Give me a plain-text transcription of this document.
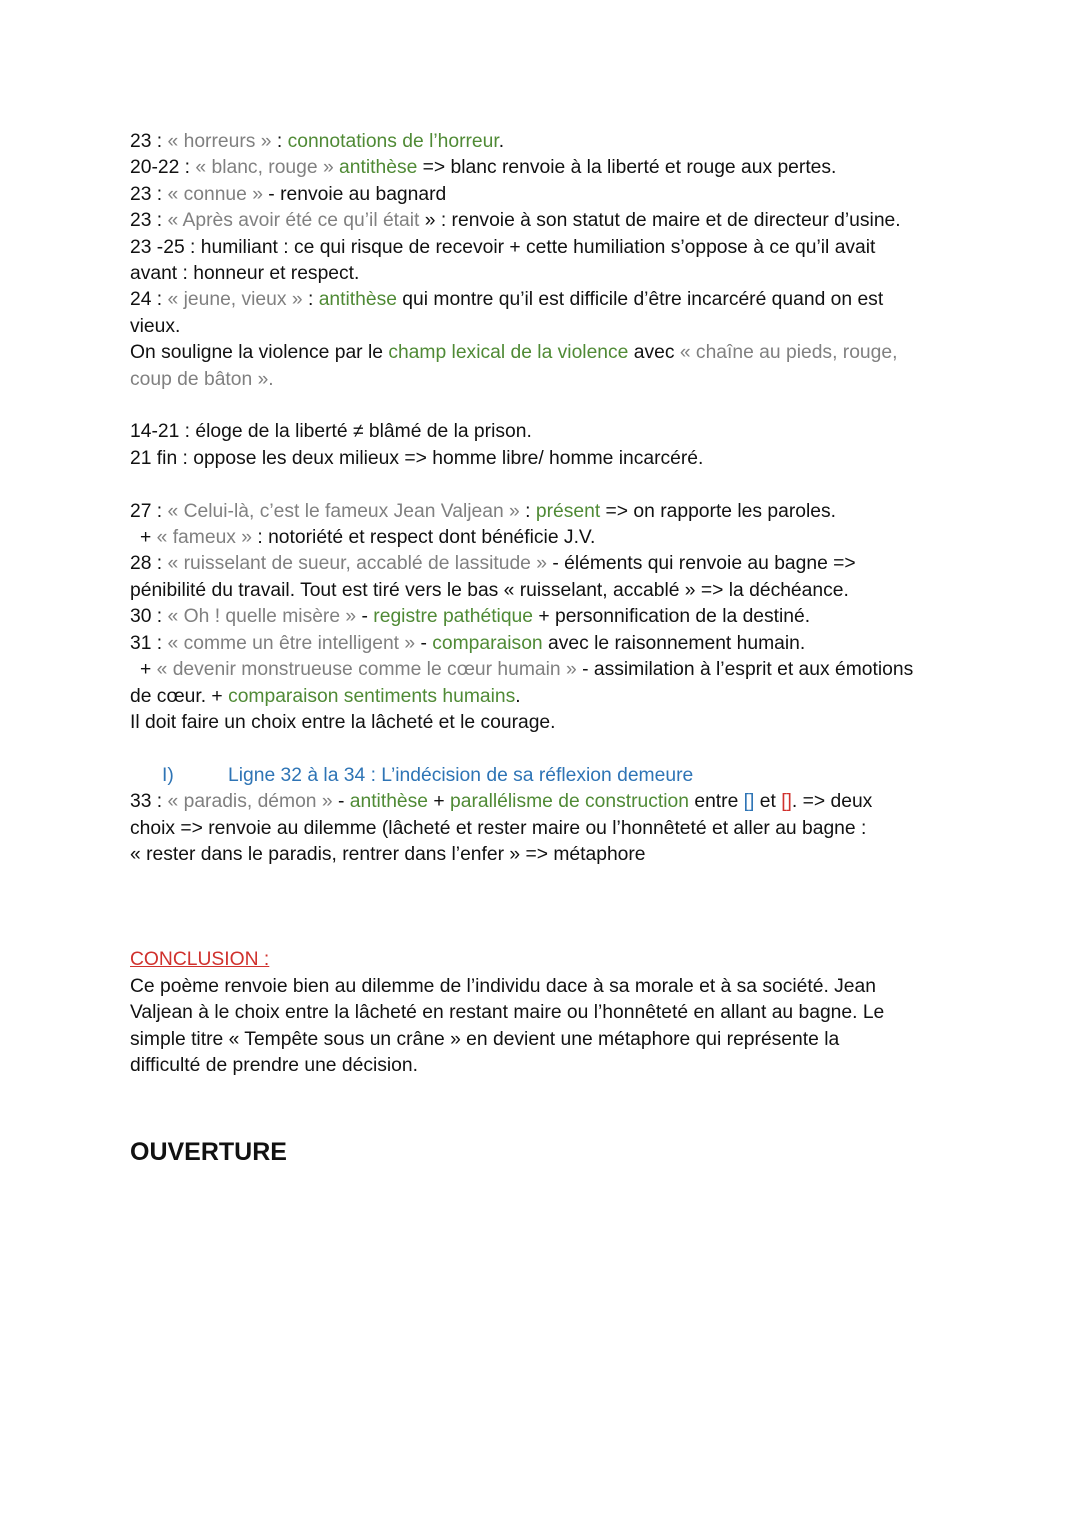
23 : « horreurs » : connotations de l’horreur.

20-22 : « blanc, rouge » antithèse => blanc renvoie à la liberté et rouge aux pertes.

23 : « connue » - renvoie au bagnard

23 : « Après avoir été ce qu’il était » : renvoie à son statut de maire et de directeur d’usine.

23 -25 : humiliant : ce qui risque de recevoir + cette humiliation s’oppose à ce qu’il avait

avant : honneur et respect.

24 : « jeune, vieux » : antithèse qui montre qu’il est difficile d’être incarcéré quand on est

vieux.

On souligne la violence par le champ lexical de la violence avec « chaîne au pieds, rouge,

coup de bâton ».

14-21 : éloge de la liberté ≠ blâmé de la prison.

21 fin : oppose les deux milieux => homme libre/ homme incarcéré.

27 : « Celui-là, c’est le fameux Jean Valjean » : présent => on rapporte les paroles.

+ « fameux » : notoriété et respect dont bénéficie J.V.

28 : « ruisselant de sueur, accablé de lassitude » - éléments qui renvoie au bagne =>

pénibilité du travail. Tout est tiré vers le bas « ruisselant, accablé » => la déchéance.

30 : « Oh ! quelle misère » - registre pathétique + personnification de la destiné.

31 : « comme un être intelligent » - comparaison avec le raisonnement humain.

+ « devenir monstrueuse comme le cœur humain » - assimilation à l’esprit et aux émotions

de cœur. + comparaison sentiments humains.

Il doit faire un choix entre la lâcheté et le courage.

I)	Ligne 32 à la 34 : L’indécision de sa réflexion demeure

33 : « paradis, démon » - antithèse + parallélisme de construction entre [] et []. => deux

choix => renvoie au dilemme (lâcheté et rester maire ou l’honnêteté et aller au bagne :

« rester dans le paradis, rentrer dans l’enfer » => métaphore

CONCLUSION :

Ce poème renvoie bien au dilemme de l’individu dace à sa morale et à sa société. Jean

Valjean à le choix entre la lâcheté en restant maire ou l’honnêteté en allant au bagne. Le

simple titre « Tempête sous un crâne » en devient une métaphore qui représente la

difficulté de prendre une décision.

OUVERTURE
